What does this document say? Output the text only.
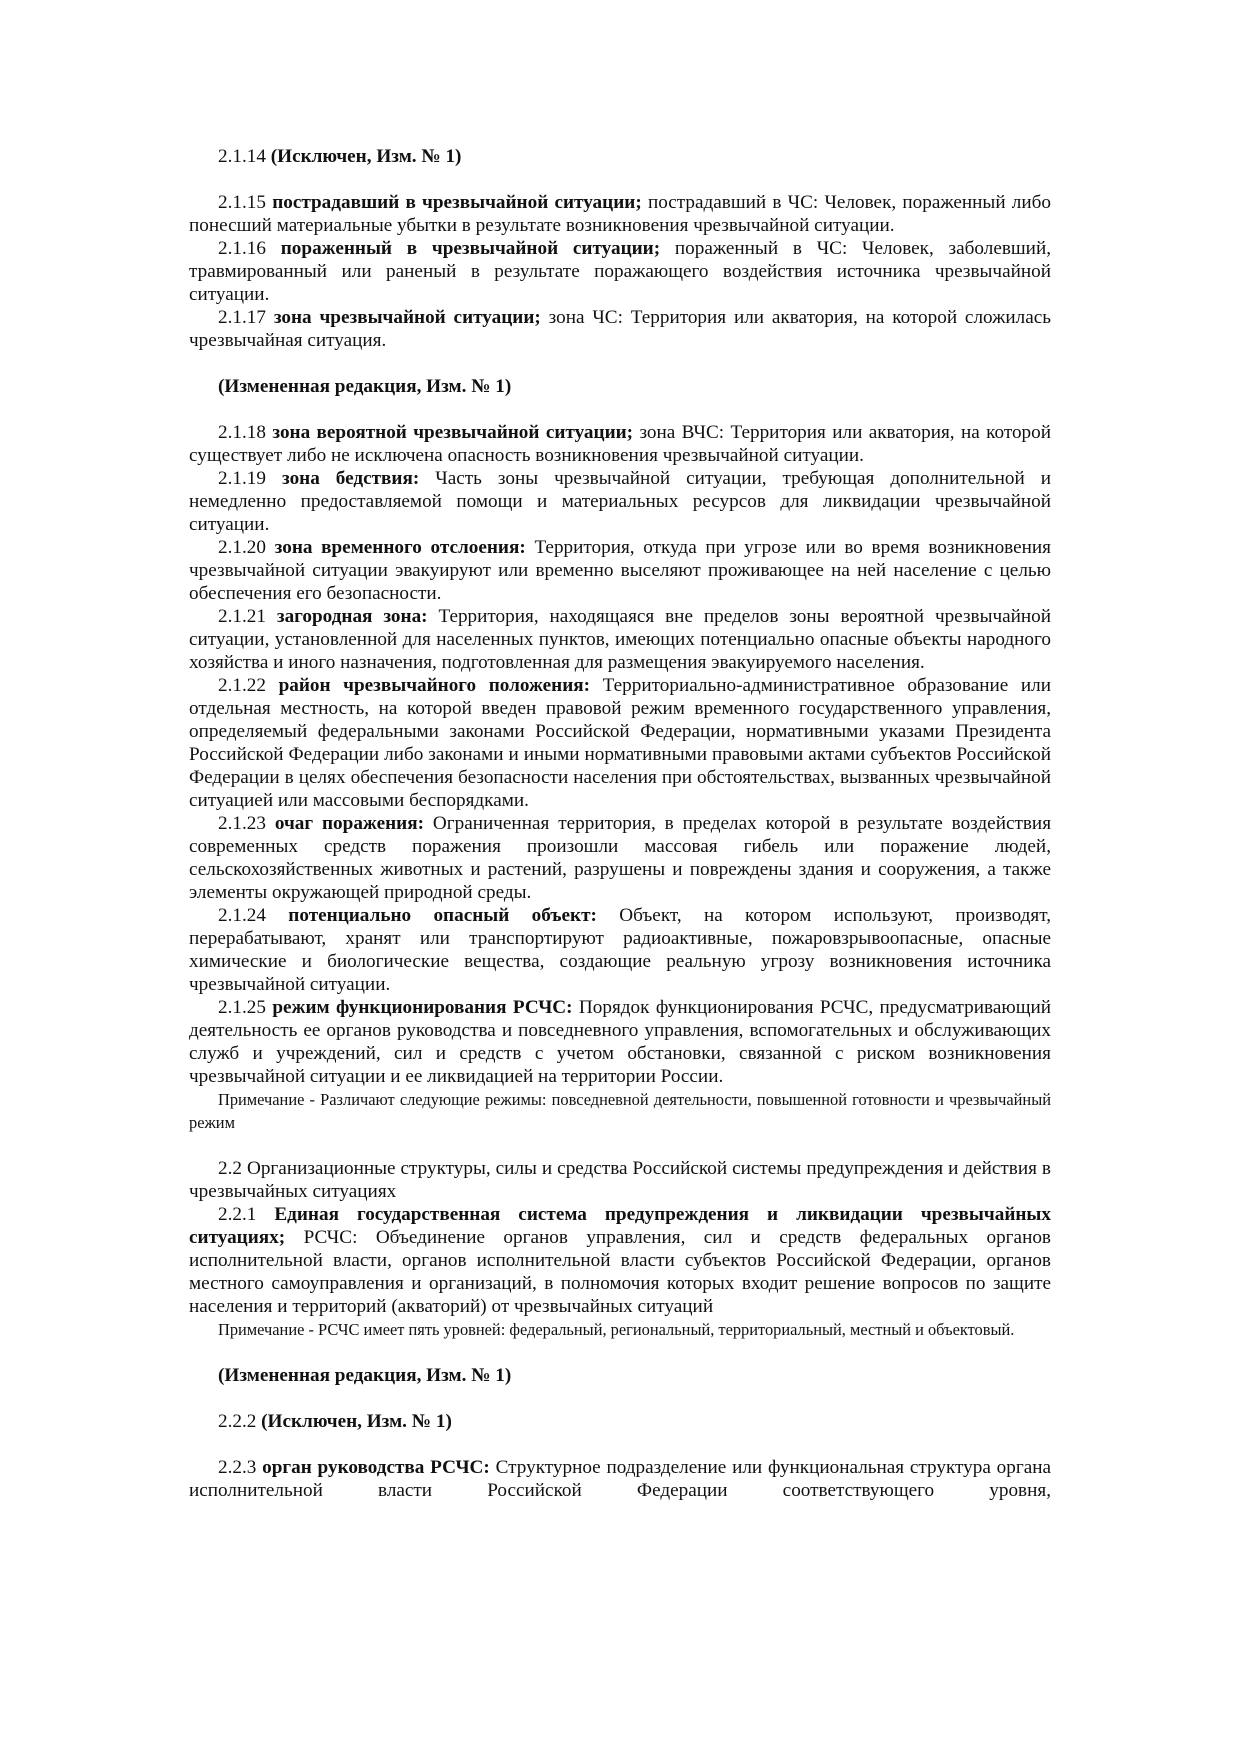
2.1.14 (Исключен, Изм. № 1)

2.1.15 пострадавший в чрезвычайной ситуации; пострадавший в ЧС: Человек, пораженный либо понесший материальные убытки в результате возникновения чрезвычайной ситуации.

2.1.16 пораженный в чрезвычайной ситуации; пораженный в ЧС: Человек, заболевший, травмированный или раненый в результате поражающего воздействия источника чрезвычайной ситуации.

2.1.17 зона чрезвычайной ситуации; зона ЧС: Территория или акватория, на которой сложилась чрезвычайная ситуация.

(Измененная редакция, Изм. № 1)

2.1.18 зона вероятной чрезвычайной ситуации; зона ВЧС: Территория или акватория, на которой существует либо не исключена опасность возникновения чрезвычайной ситуации.

2.1.19 зона бедствия: Часть зоны чрезвычайной ситуации, требующая дополнительной и немедленно предоставляемой помощи и материальных ресурсов для ликвидации чрезвычайной ситуации.

2.1.20 зона временного отслоения: Территория, откуда при угрозе или во время возникновения чрезвычайной ситуации эвакуируют или временно выселяют проживающее на ней население с целью обеспечения его безопасности.

2.1.21 загородная зона: Территория, находящаяся вне пределов зоны вероятной чрезвычайной ситуации, установленной для населенных пунктов, имеющих потенциально опасные объекты народного хозяйства и иного назначения, подготовленная для размещения эвакуируемого населения.

2.1.22 район чрезвычайного положения: Территориально-административное образование или отдельная местность, на которой введен правовой режим временного государственного управления, определяемый федеральными законами Российской Федерации, нормативными указами Президента Российской Федерации либо законами и иными нормативными правовыми актами субъектов Российской Федерации в целях обеспечения безопасности населения при обстоятельствах, вызванных чрезвычайной ситуацией или массовыми беспорядками.

2.1.23 очаг поражения: Ограниченная территория, в пределах которой в результате воздействия современных средств поражения произошли массовая гибель или поражение людей, сельскохозяйственных животных и растений, разрушены и повреждены здания и сооружения, а также элементы окружающей природной среды.

2.1.24 потенциально опасный объект: Объект, на котором используют, производят, перерабатывают, хранят или транспортируют радиоактивные, пожаровзрывоопасные, опасные химические и биологические вещества, создающие реальную угрозу возникновения источника чрезвычайной ситуации.

2.1.25 режим функционирования РСЧС: Порядок функционирования РСЧС, предусматривающий деятельность ее органов руководства и повседневного управления, вспомогательных и обслуживающих служб и учреждений, сил и средств с учетом обстановки, связанной с риском возникновения чрезвычайной ситуации и ее ликвидацией на территории России.

Примечание - Различают следующие режимы: повседневной деятельности, повышенной готовности и чрезвычайный режим

2.2 Организационные структуры, силы и средства Российской системы предупреждения и действия в чрезвычайных ситуациях

2.2.1 Единая государственная система предупреждения и ликвидации чрезвычайных ситуациях; РСЧС: Объединение органов управления, сил и средств федеральных органов исполнительной власти, органов исполнительной власти субъектов Российской Федерации, органов местного самоуправления и организаций, в полномочия которых входит решение вопросов по защите населения и территорий (акваторий) от чрезвычайных ситуаций

Примечание - РСЧС имеет пять уровней: федеральный, региональный, территориальный, местный и объектовый.

(Измененная редакция, Изм. № 1)

2.2.2 (Исключен, Изм. № 1)

2.2.3 орган руководства РСЧС: Структурное подразделение или функциональная структура органа исполнительной власти Российской Федерации соответствующего уровня,
